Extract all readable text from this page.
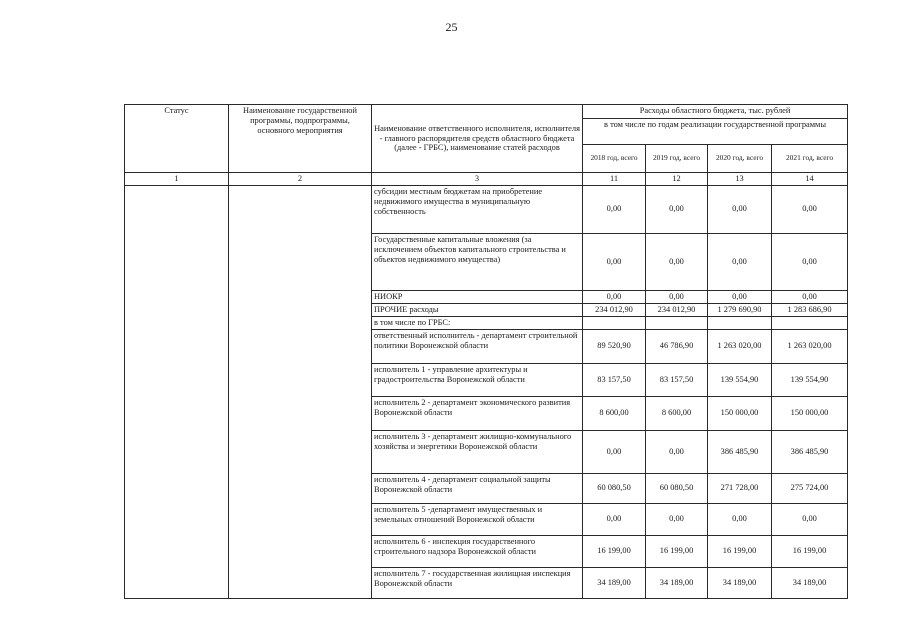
25
Статус	Наименование государственной программы, подпрограммы, основного мероприятия	Наименование ответственного исполнителя, исполнителя - главного распорядителя средств областного бюджета (далее - ГРБС), наименование статей расходов	Расходы областного бюджета, тыс. рублей			
			в том числе по годам реализации государственной программы			
			2018 год, всего	2019 год, всего	2020 год, всего	2021 год, всего
1	2	3	11	12	13	14
		субсидии местным бюджетам на приобретение недвижимого имущества в муниципальную собственность	0,00	0,00	0,00	0,00
		Государственные капитальные вложения (за исключением объектов капитального строительства и объектов недвижимого имущества)	0,00	0,00	0,00	0,00
		НИОКР	0,00	0,00	0,00	0,00
		ПРОЧИЕ расходы	234 012,90	234 012,90	1 279 690,90	1 283 686,90
		в том числе по ГРБС:				
		ответственный исполнитель - департамент строительной политики Воронежской области	89 520,90	46 786,90	1 263 020,00	1 263 020,00
		исполнитель 1 - управление архитектуры и градостроительства Воронежской области	83 157,50	83 157,50	139 554,90	139 554,90
		исполнитель 2 - департамент экономического развития Воронежской области	8 600,00	8 600,00	150 000,00	150 000,00
		исполнитель 3 - департамент жилищно-коммунального хозяйства и энергетики Воронежской области	0,00	0,00	386 485,90	386 485,90
		исполнитель 4 - департамент социальной защиты Воронежской области	60 080,50	60 080,50	271 728,00	275 724,00
		исполнитель 5 -департамент имущественных и земельных отношений Воронежской области	0,00	0,00	0,00	0,00
		исполнитель 6 - инспекция государственного строительного надзора Воронежской области	16 199,00	16 199,00	16 199,00	16 199,00
		исполнитель 7 - государственная жилищная инспекция Воронежской области	34 189,00	34 189,00	34 189,00	34 189,00
